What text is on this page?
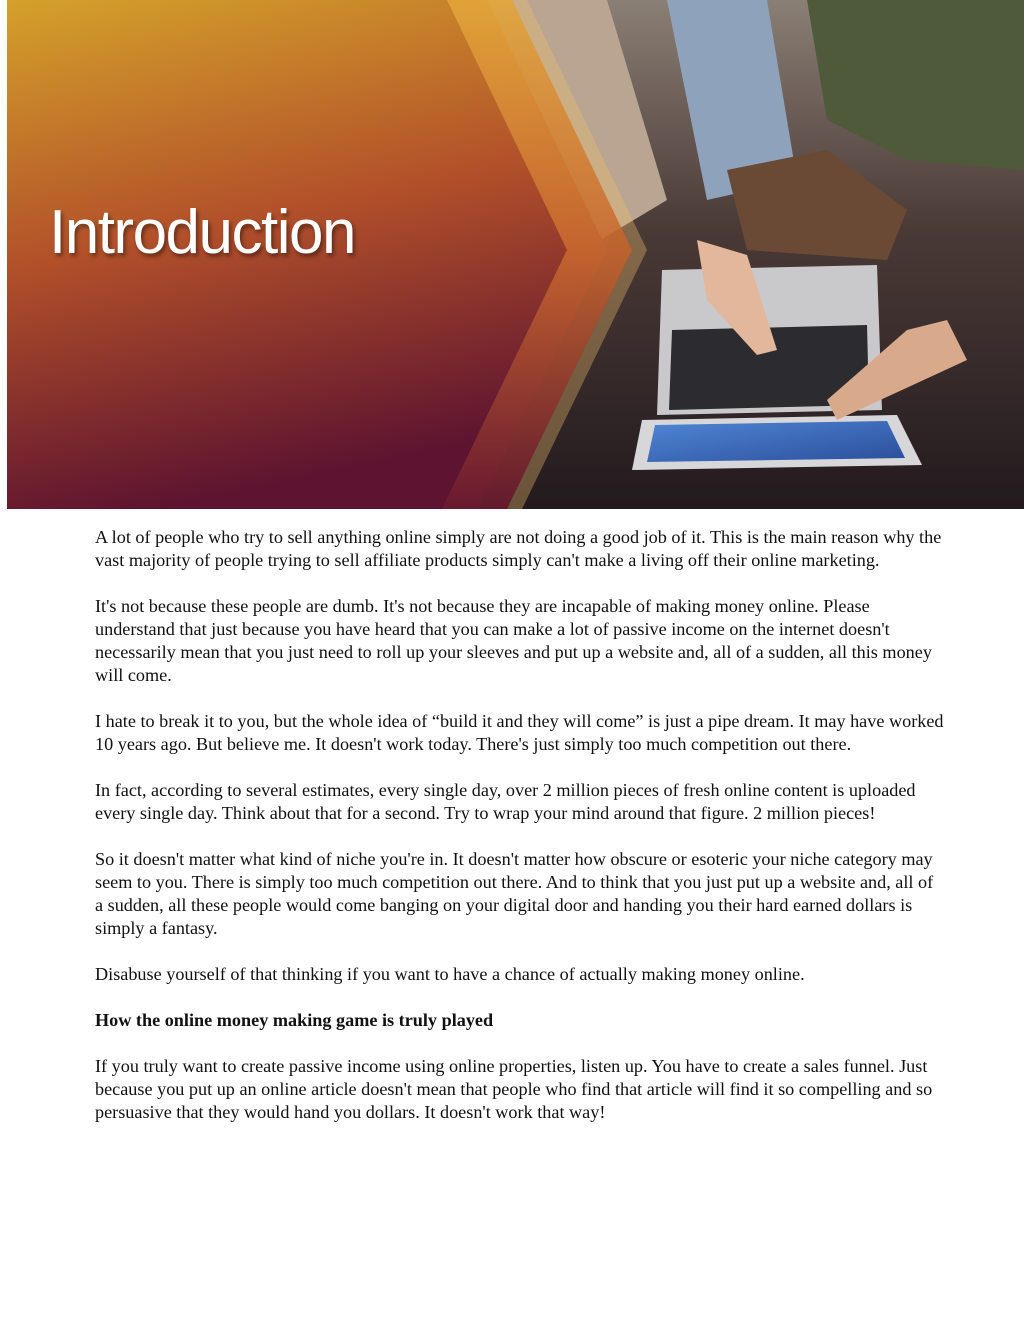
Introduction

A lot of people who try to sell anything online simply are not doing a good job of it. This is the main reason why the vast majority of people trying to sell affiliate products simply can't make a living off their online marketing.

It's not because these people are dumb. It's not because they are incapable of making money online. Please understand that just because you have heard that you can make a lot of passive income on the internet doesn't necessarily mean that you just need to roll up your sleeves and put up a website and, all of a sudden, all this money will come.

I hate to break it to you, but the whole idea of “build it and they will come” is just a pipe dream. It may have worked 10 years ago. But believe me. It doesn't work today. There's just simply too much competition out there.

In fact, according to several estimates, every single day, over 2 million pieces of fresh online content is uploaded every single day. Think about that for a second. Try to wrap your mind around that figure. 2 million pieces!

So it doesn't matter what kind of niche you're in. It doesn't matter how obscure or esoteric your niche category may seem to you. There is simply too much competition out there. And to think that you just put up a website and, all of a sudden, all these people would come banging on your digital door and handing you their hard earned dollars is simply a fantasy.

Disabuse yourself of that thinking if you want to have a chance of actually making money online.

How the online money making game is truly played

If you truly want to create passive income using online properties, listen up. You have to create a sales funnel. Just because you put up an online article doesn't mean that people who find that article will find it so compelling and so persuasive that they would hand you dollars. It doesn't work that way!
